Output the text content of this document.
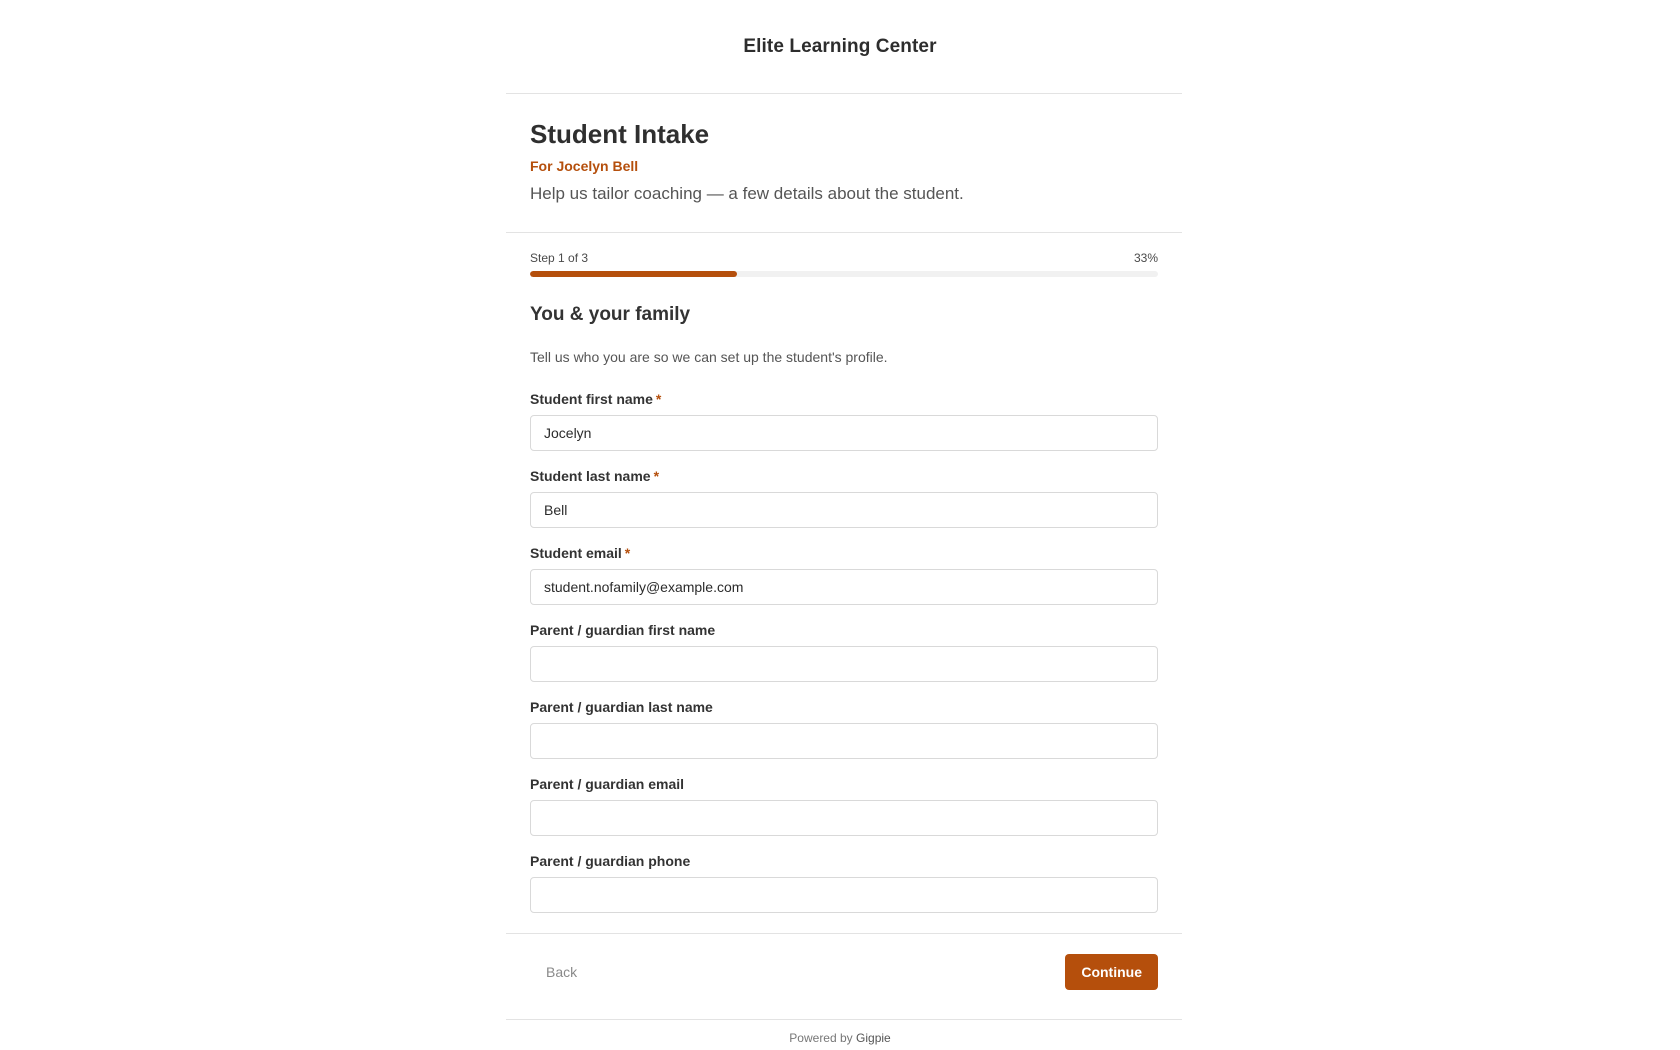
Elite Learning Center
Student Intake
For Jocelyn Bell

Help us tailor coaching — a few details about the student.

Step 1 of 3	33%
You & your family

Tell us who you are so we can set up the student's profile.

Student first name *
Jocelyn
Student last name *
Bell
Student email *
student.nofamily@example.com
Parent / guardian first name
Parent / guardian last name
Parent / guardian email
Parent / guardian phone
Back	Continue
Powered by Gigpie
